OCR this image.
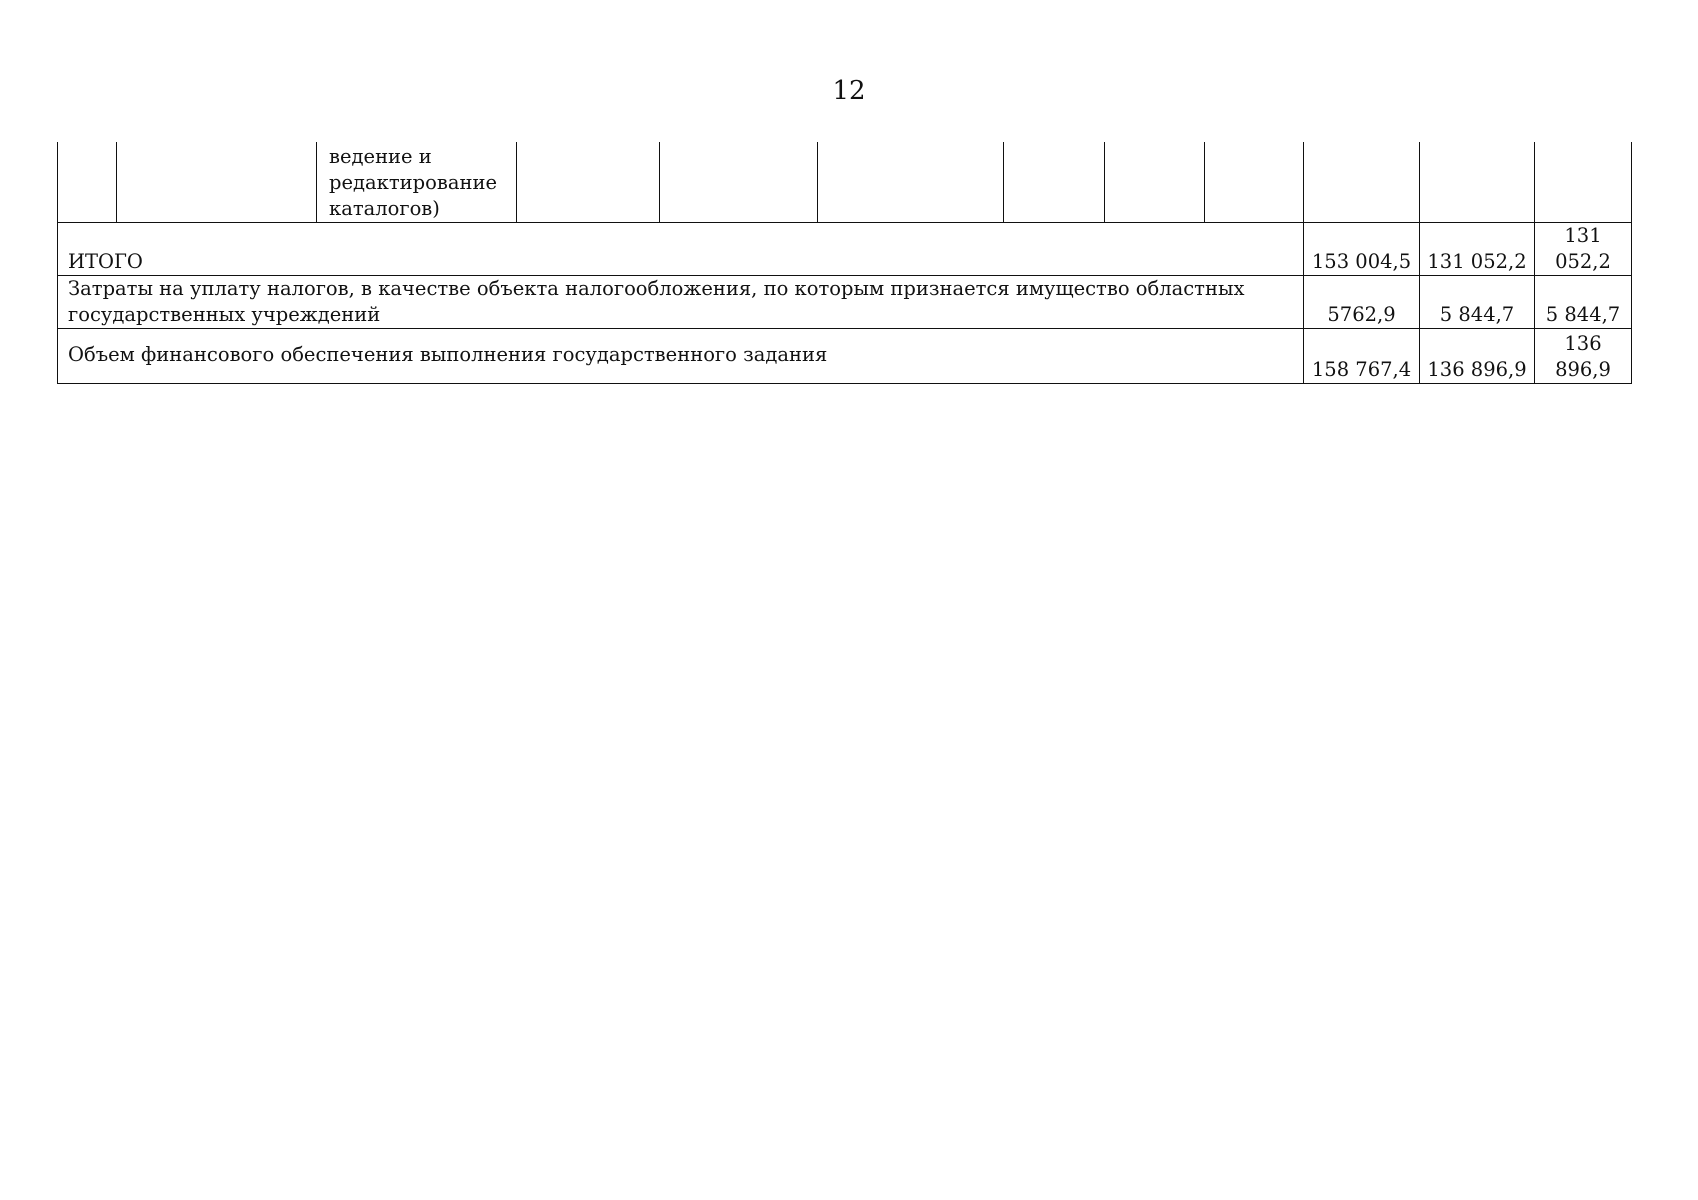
12

		ведение и
редактирование
каталогов)									

ИТОГО									153 004,5	131 052,2	131 052,2
Затраты на уплату налогов, в качестве объекта налогообложения, по которым признается имущество областных государственных учреждений									5762,9	5 844,7	5 844,7
Объем финансового обеспечения выполнения государственного задания									158 767,4	136 896,9	136 896,9
